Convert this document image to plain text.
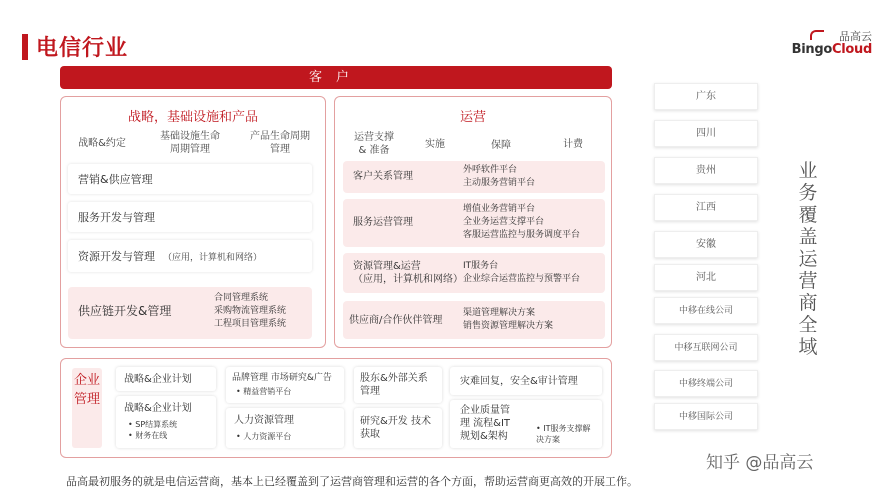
电信行业	品高云
BingoCloud
客户
战略，基础设施和产品
战略&约定
基础设施生命
周期管理
产品生命周期
管理
营销&供应管理
服务开发与管理
资源开发与管理 （应用，计算机和网络）
供应链开发&管理
合同管理系统
采购物流管理系统
工程项目管理系统
运营
运营支撑
& 准备
实施	保障	计费
客户关系管理
外呼软件平台
主动服务营销平台
服务运营管理
增值业务营销平台
全业务运营支撑平台
客服运营监控与服务调度平台
资源管理&运营
（应用，计算机和网络）
IT服务台
企业综合运营监控与预警平台
供应商/合作伙伴管理
渠道管理解决方案
销售资源管理解决方案
广东
四川
贵州
江西
安徽
河北
中移在线公司
中移互联网公司
中移终端公司
中移国际公司
业务覆盖运营商全域
企业管理
战略&企业计划
战略&企业计划
• SP结算系统
• 财务在线
品牌管理 市场研究&广告
• 精益营销平台
人力资源管理
• 人力资源平台
股东&外部关系
管理
研究&开发 技术
获取
灾难回复，安全&审计管理
企业质量管
理 流程&IT
规划&架构

• IT服务支撑解
决方案

品高最初服务的就是电信运营商，基本上已经覆盖到了运营商管理和运营的各个方面，帮助运营商更高效的开展工作。
知乎 @品高云
